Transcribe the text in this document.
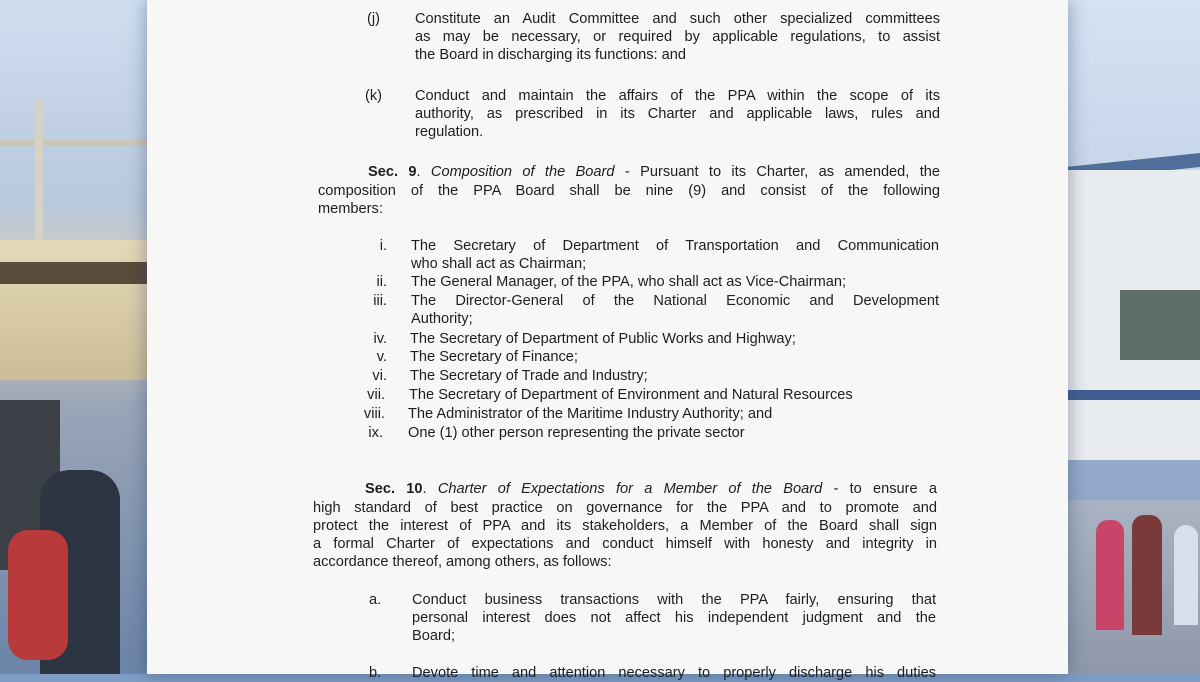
(j) Constitute an Audit Committee and such other specialized committees
as may be necessary, or required by applicable regulations, to assist
the Board in discharging its functions: and
(k) Conduct and maintain the affairs of the PPA within the scope of its
authority, as prescribed in its Charter and applicable laws, rules and
regulation.
Sec. 9. Composition of the Board - Pursuant to its Charter, as amended, the
composition of the PPA Board shall be nine (9) and consist of the following
members:
i. The Secretary of Department of Transportation and Communication
who shall act as Chairman;
ii. The General Manager, of the PPA, who shall act as Vice-Chairman;
iii. The Director-General of the National Economic and Development
Authority;
iv. The Secretary of Department of Public Works and Highway;
v. The Secretary of Finance;
vi. The Secretary of Trade and Industry;
vii. The Secretary of Department of Environment and Natural Resources
viii. The Administrator of the Maritime Industry Authority; and
ix. One (1) other person representing the private sector
Sec. 10. Charter of Expectations for a Member of the Board - to ensure a
high standard of best practice on governance for the PPA and to promote and
protect the interest of PPA and its stakeholders, a Member of the Board shall sign
a formal Charter of expectations and conduct himself with honesty and integrity in
accordance thereof, among others, as follows:
a. Conduct business transactions with the PPA fairly, ensuring that
personal interest does not affect his independent judgment and the
Board;
b. Devote time and attention necessary to properly discharge his duties
